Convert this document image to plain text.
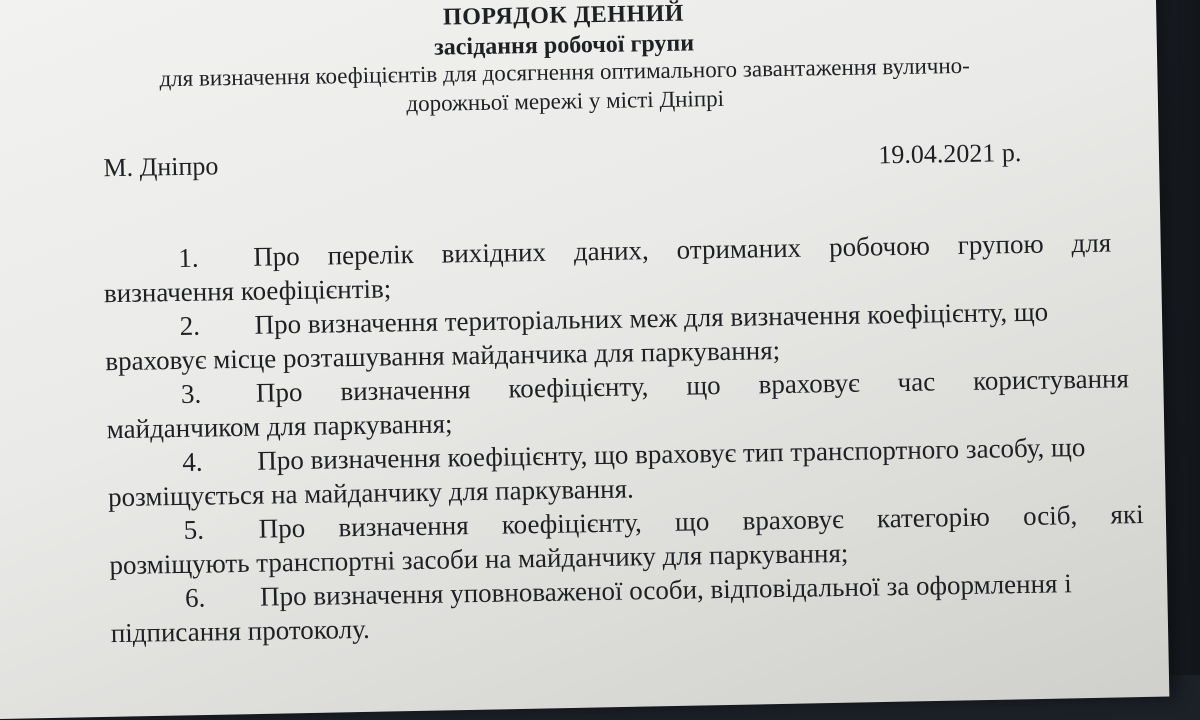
ПОРЯДОК ДЕННИЙ
засідання робочої групи
для визначення коефіцієнтів для досягнення оптимального завантаження вулично-
дорожньої мережі у місті Дніпрі
М. Дніпро	19.04.2021 р.
1. Про перелік вихідних даних, отриманих робочою групою для
визначення коефіцієнтів;
2. Про визначення територіальних меж для визначення коефіцієнту, що
враховує місце розташування майданчика для паркування;
3. Про визначення коефіцієнту, що враховує час користування
майданчиком для паркування;
4. Про визначення коефіцієнту, що враховує тип транспортного засобу, що
розміщується на майданчику для паркування.
5. Про визначення коефіцієнту, що враховує категорію осіб, які
розміщують транспортні засоби на майданчику для паркування;
6. Про визначення уповноваженої особи, відповідальної за оформлення і
підписання протоколу.
